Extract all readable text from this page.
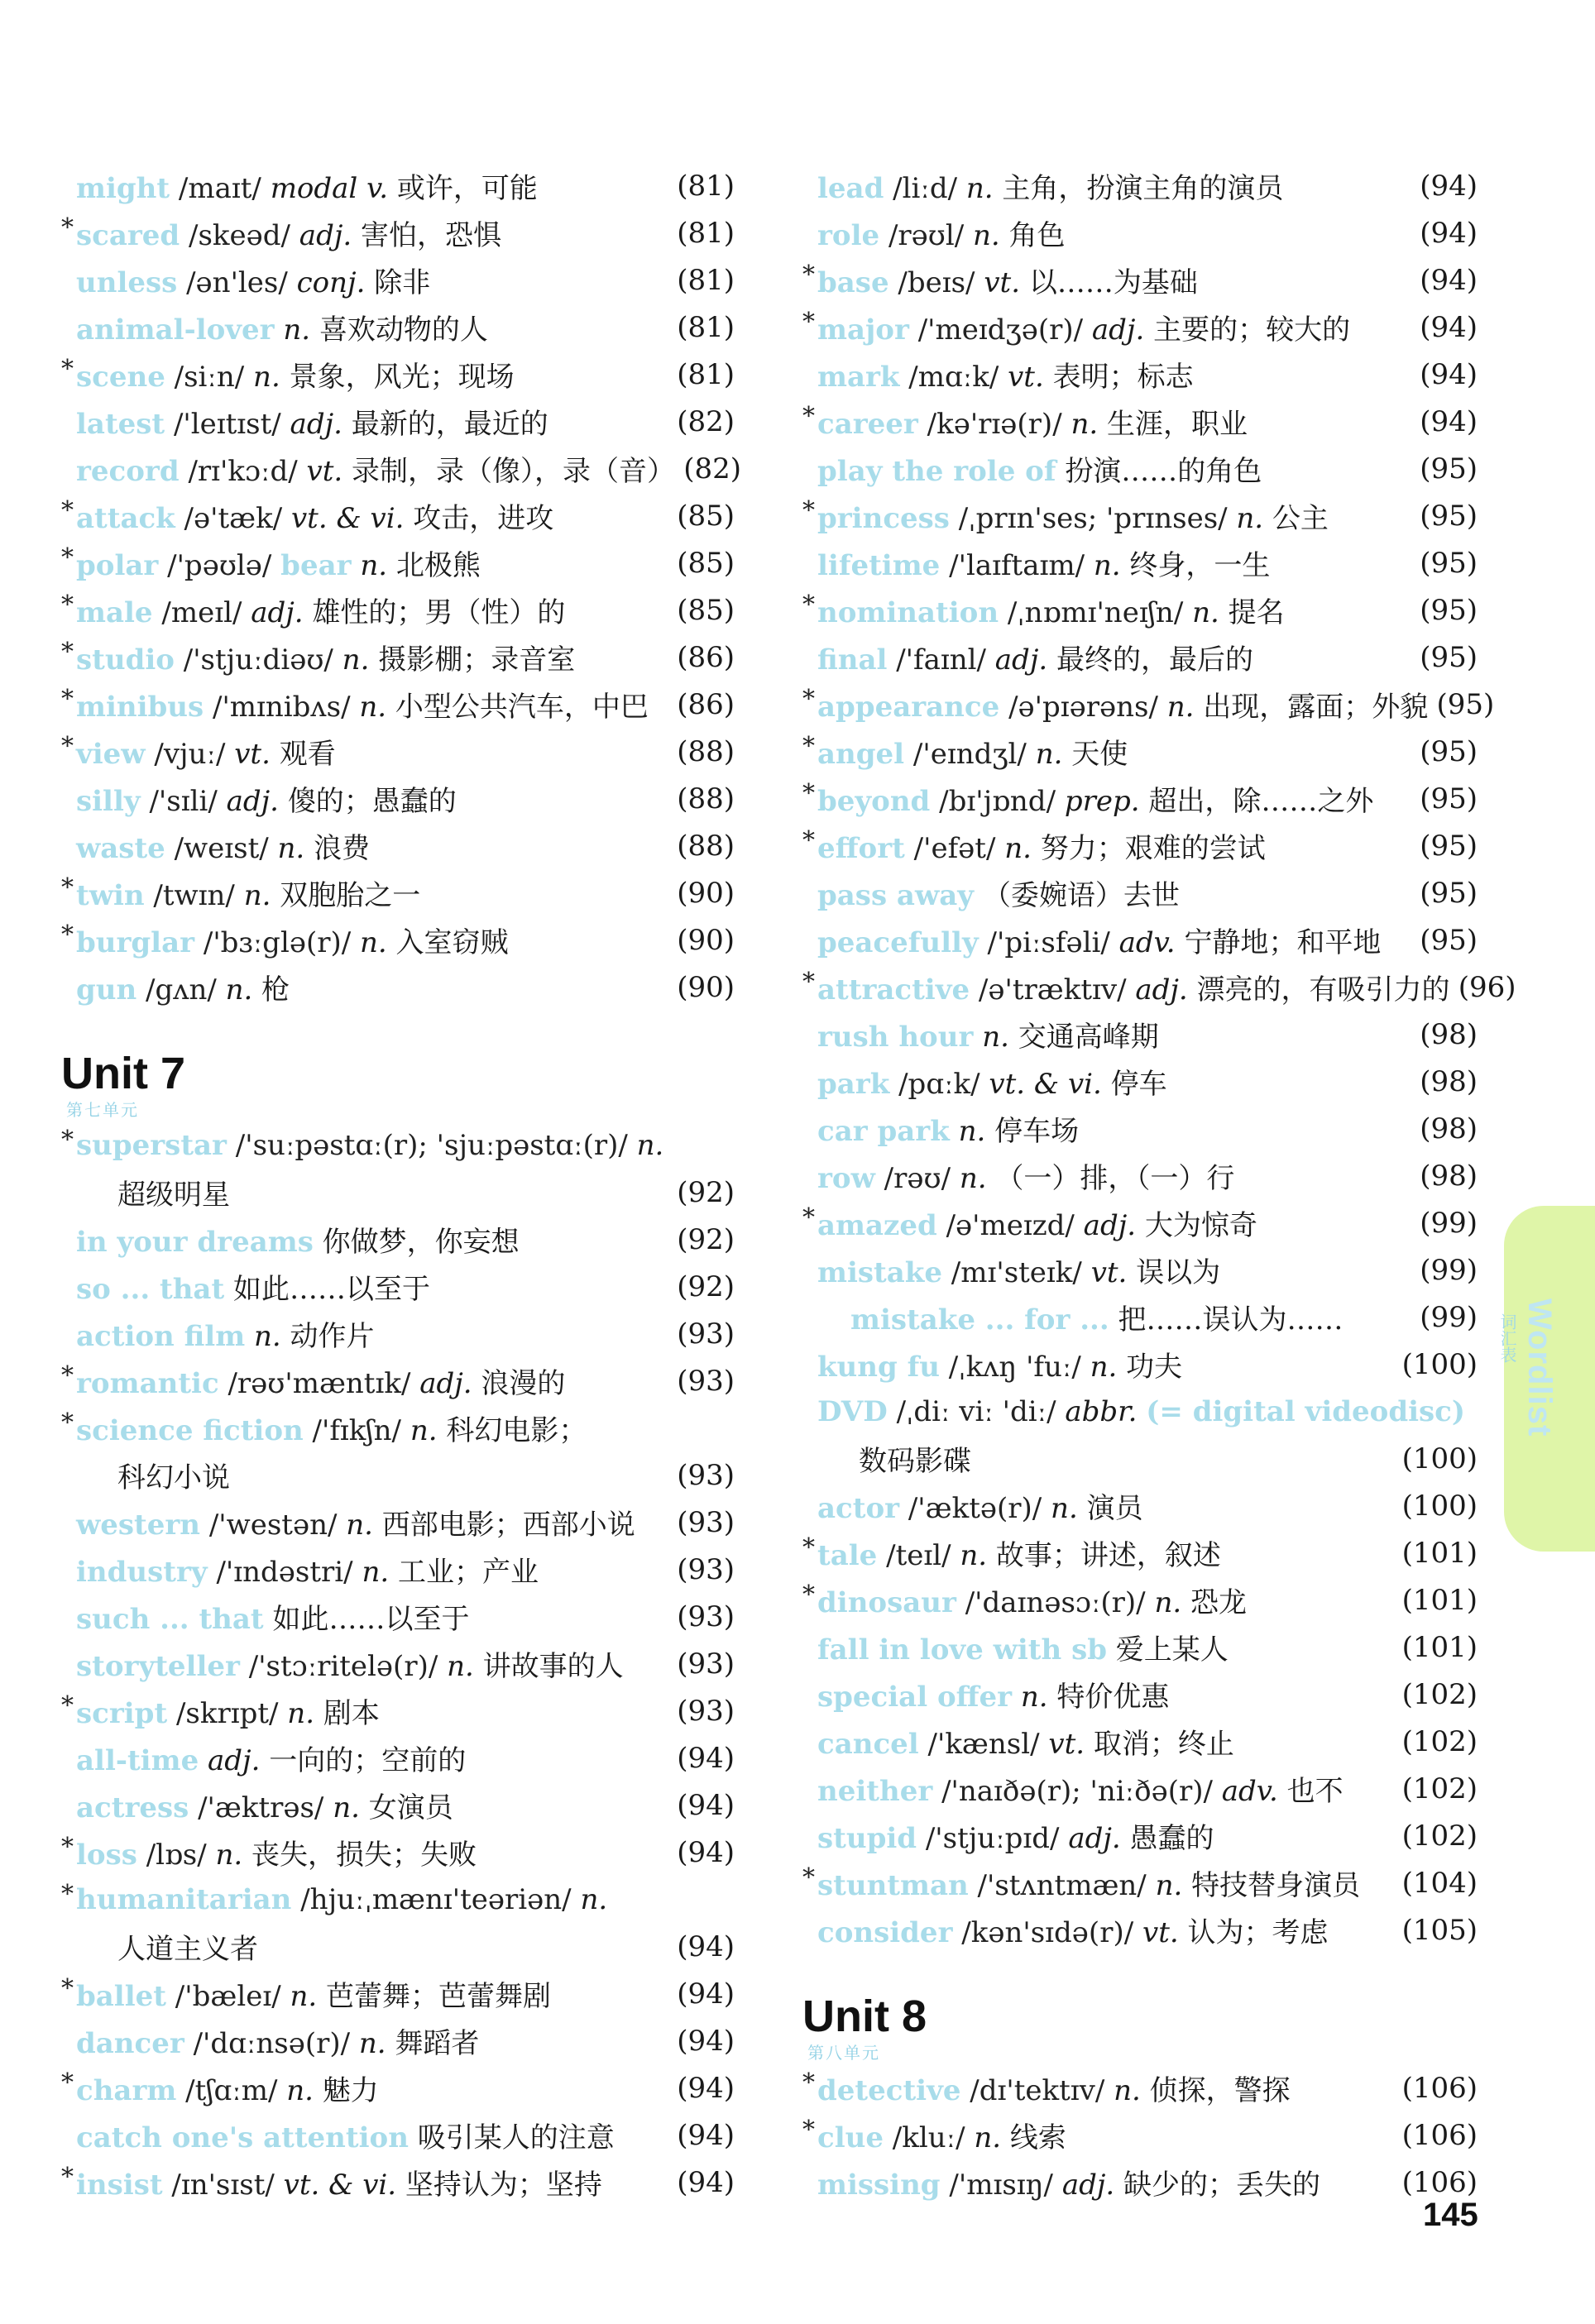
might /maɪt/ modal v. 或许，可能	(81)
* scared /skeəd/ adj. 害怕，恐惧	(81)
unless /ən'les/ conj. 除非	(81)
animal-lover n. 喜欢动物的人	(81)
* scene /siːn/ n. 景象，风光；现场	(81)
latest /'leɪtɪst/ adj. 最新的，最近的	(82)
record /rɪ'kɔːd/ vt. 录制，录（像），录（音） (82)
* attack /ə'tæk/ vt. & vi. 攻击，进攻	(85)
* polar /'pəʊlə/ bear n. 北极熊	(85)
* male /meɪl/ adj. 雄性的；男（性）的	(85)
* studio /'stjuːdiəʊ/ n. 摄影棚；录音室	(86)
* minibus /'mɪnibʌs/ n. 小型公共汽车，中巴	(86)
* view /vjuː/ vt. 观看	(88)
silly /'sɪli/ adj. 傻的；愚蠢的	(88)
waste /weɪst/ n. 浪费	(88)
* twin /twɪn/ n. 双胞胎之一	(90)
* burglar /'bɜːglə(r)/ n. 入室窃贼	(90)
gun /gʌn/ n. 枪	(90)
Unit 7
第七单元
* superstar /'suːpəstɑː(r); 'sjuːpəstɑː(r)/ n.
超级明星	(92)
in your dreams 你做梦，你妄想	(92)
so ... that 如此……以至于	(92)
action film n. 动作片	(93)
* romantic /rəʊ'mæntɪk/ adj. 浪漫的	(93)
* science fiction /'fɪkʃn/ n. 科幻电影；
科幻小说	(93)
western /'westən/ n. 西部电影；西部小说	(93)
industry /'ɪndəstri/ n. 工业；产业	(93)
such ... that 如此……以至于	(93)
storyteller /'stɔːritelə(r)/ n. 讲故事的人	(93)
* script /skrɪpt/ n. 剧本	(93)
all-time adj. 一向的；空前的	(94)
actress /'æktrəs/ n. 女演员	(94)
* loss /lɒs/ n. 丧失，损失；失败	(94)
* humanitarian /hjuːˌmænɪ'teəriən/ n.
人道主义者	(94)
* ballet /'bæleɪ/ n. 芭蕾舞；芭蕾舞剧	(94)
dancer /'dɑːnsə(r)/ n. 舞蹈者	(94)
* charm /tʃɑːm/ n. 魅力	(94)
catch one's attention 吸引某人的注意	(94)
* insist /ɪn'sɪst/ vt. & vi. 坚持认为；坚持	(94)
lead /liːd/ n. 主角，扮演主角的演员	(94)
role /rəʊl/ n. 角色	(94)
* base /beɪs/ vt. 以……为基础	(94)
* major /'meɪdʒə(r)/ adj. 主要的；较大的	(94)
mark /mɑːk/ vt. 表明；标志	(94)
* career /kə'rɪə(r)/ n. 生涯，职业	(94)
play the role of 扮演……的角色	(95)
* princess /ˌprɪn'ses; 'prɪnses/ n. 公主	(95)
lifetime /'laɪftaɪm/ n. 终身，一生	(95)
* nomination /ˌnɒmɪ'neɪʃn/ n. 提名	(95)
final /'faɪnl/ adj. 最终的，最后的	(95)
* appearance /ə'pɪərəns/ n. 出现，露面；外貌 (95)
* angel /'eɪndʒl/ n. 天使	(95)
* beyond /bɪ'jɒnd/ prep. 超出，除……之外	(95)
* effort /'efət/ n. 努力；艰难的尝试	(95)
pass away （委婉语）去世	(95)
peacefully /'piːsfəli/ adv. 宁静地；和平地	(95)
* attractive /ə'træktɪv/ adj. 漂亮的，有吸引力的 (96)
rush hour n. 交通高峰期	(98)
park /pɑːk/ vt. & vi. 停车	(98)
car park n. 停车场	(98)
row /rəʊ/ n. （一）排，（一）行	(98)
* amazed /ə'meɪzd/ adj. 大为惊奇	(99)
mistake /mɪ'steɪk/ vt. 误以为	(99)
mistake ... for ... 把……误认为……	(99)
kung fu /ˌkʌŋ 'fuː/ n. 功夫	(100)
DVD /ˌdiː viː 'diː/ abbr. (= digital videodisc)
数码影碟	(100)
actor /'æktə(r)/ n. 演员	(100)
* tale /teɪl/ n. 故事；讲述，叙述	(101)
* dinosaur /'daɪnəsɔː(r)/ n. 恐龙	(101)
fall in love with sb 爱上某人	(101)
special offer n. 特价优惠	(102)
cancel /'kænsl/ vt. 取消；终止	(102)
neither /'naɪðə(r); 'niːðə(r)/ adv. 也不	(102)
stupid /'stjuːpɪd/ adj. 愚蠢的	(102)
* stuntman /'stʌntmæn/ n. 特技替身演员	(104)
consider /kən'sɪdə(r)/ vt. 认为；考虑	(105)
Unit 8
第八单元
* detective /dɪ'tektɪv/ n. 侦探，警探	(106)
* clue /kluː/ n. 线索	(106)
missing /'mɪsɪŋ/ adj. 缺少的；丢失的	(106)
Wordlist
词汇表
145
